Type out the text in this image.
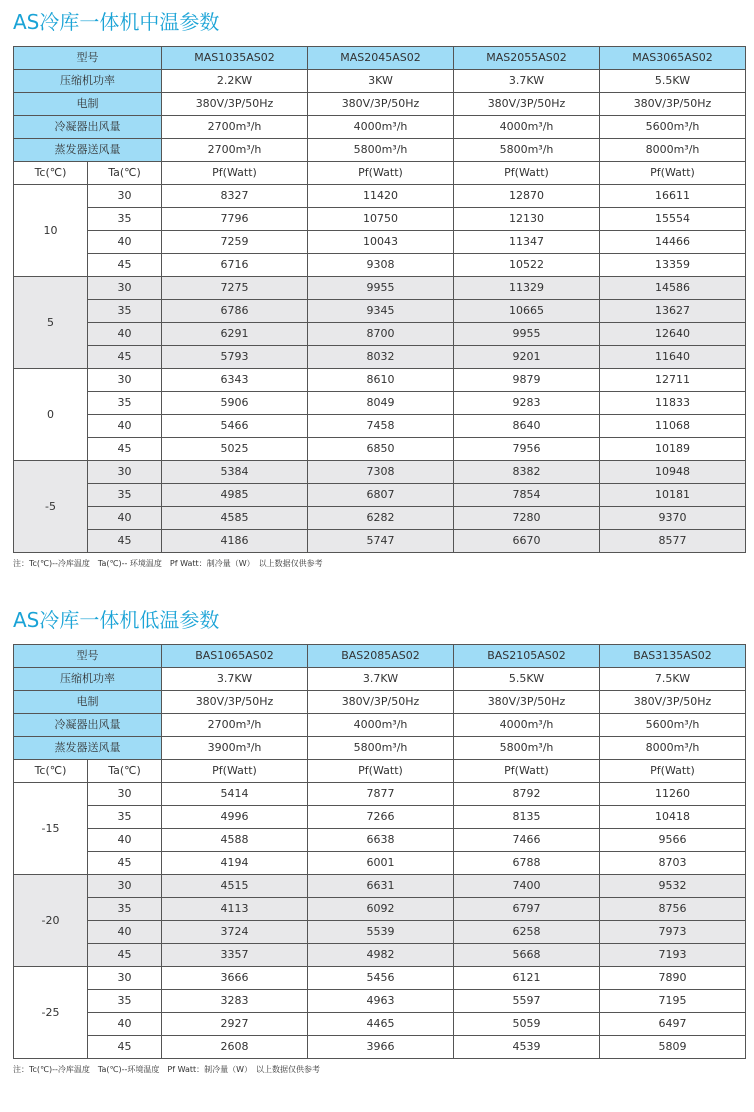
AS冷库一体机中温参数
型号		MAS1035AS02	MAS2045AS02	MAS2055AS02	MAS3065AS02
压缩机功率		2.2KW	3KW	3.7KW	5.5KW
电制		380V/3P/50Hz	380V/3P/50Hz	380V/3P/50Hz	380V/3P/50Hz
冷凝器出风量		2700m³/h	4000m³/h	4000m³/h	5600m³/h
蒸发器送风量		2700m³/h	5800m³/h	5800m³/h	8000m³/h
Tc(℃)	Ta(℃)	Pf(Watt)	Pf(Watt)	Pf(Watt)	Pf(Watt)
10	30	8327	11420	12870	16611
	35	7796	10750	12130	15554
	40	7259	10043	11347	14466
	45	6716	9308	10522	13359
5	30	7275	9955	11329	14586
	35	6786	9345	10665	13627
	40	6291	8700	9955	12640
	45	5793	8032	9201	11640
0	30	6343	8610	9879	12711
	35	5906	8049	9283	11833
	40	5466	7458	8640	11068
	45	5025	6850	7956	10189
-5	30	5384	7308	8382	10948
	35	4985	6807	7854	10181
	40	4585	6282	7280	9370
	45	4186	5747	6670	8577
注：Tc(℃)--冷库温度　Ta(℃)-- 环境温度　Pf Watt：制冷量（W）　以上数据仅供参考
AS冷库一体机低温参数
型号		BAS1065AS02	BAS2085AS02	BAS2105AS02	BAS3135AS02
压缩机功率		3.7KW	3.7KW	5.5KW	7.5KW
电制		380V/3P/50Hz	380V/3P/50Hz	380V/3P/50Hz	380V/3P/50Hz
冷凝器出风量		2700m³/h	4000m³/h	4000m³/h	5600m³/h
蒸发器送风量		3900m³/h	5800m³/h	5800m³/h	8000m³/h
Tc(℃)	Ta(℃)	Pf(Watt)	Pf(Watt)	Pf(Watt)	Pf(Watt)
-15	30	5414	7877	8792	11260
	35	4996	7266	8135	10418
	40	4588	6638	7466	9566
	45	4194	6001	6788	8703
-20	30	4515	6631	7400	9532
	35	4113	6092	6797	8756
	40	3724	5539	6258	7973
	45	3357	4982	5668	7193
-25	30	3666	5456	6121	7890
	35	3283	4963	5597	7195
	40	2927	4465	5059	6497
	45	2608	3966	4539	5809
注：Tc(℃)--冷库温度　Ta(℃)--环境温度　Pf Watt：制冷量（W）　以上数据仅供参考
